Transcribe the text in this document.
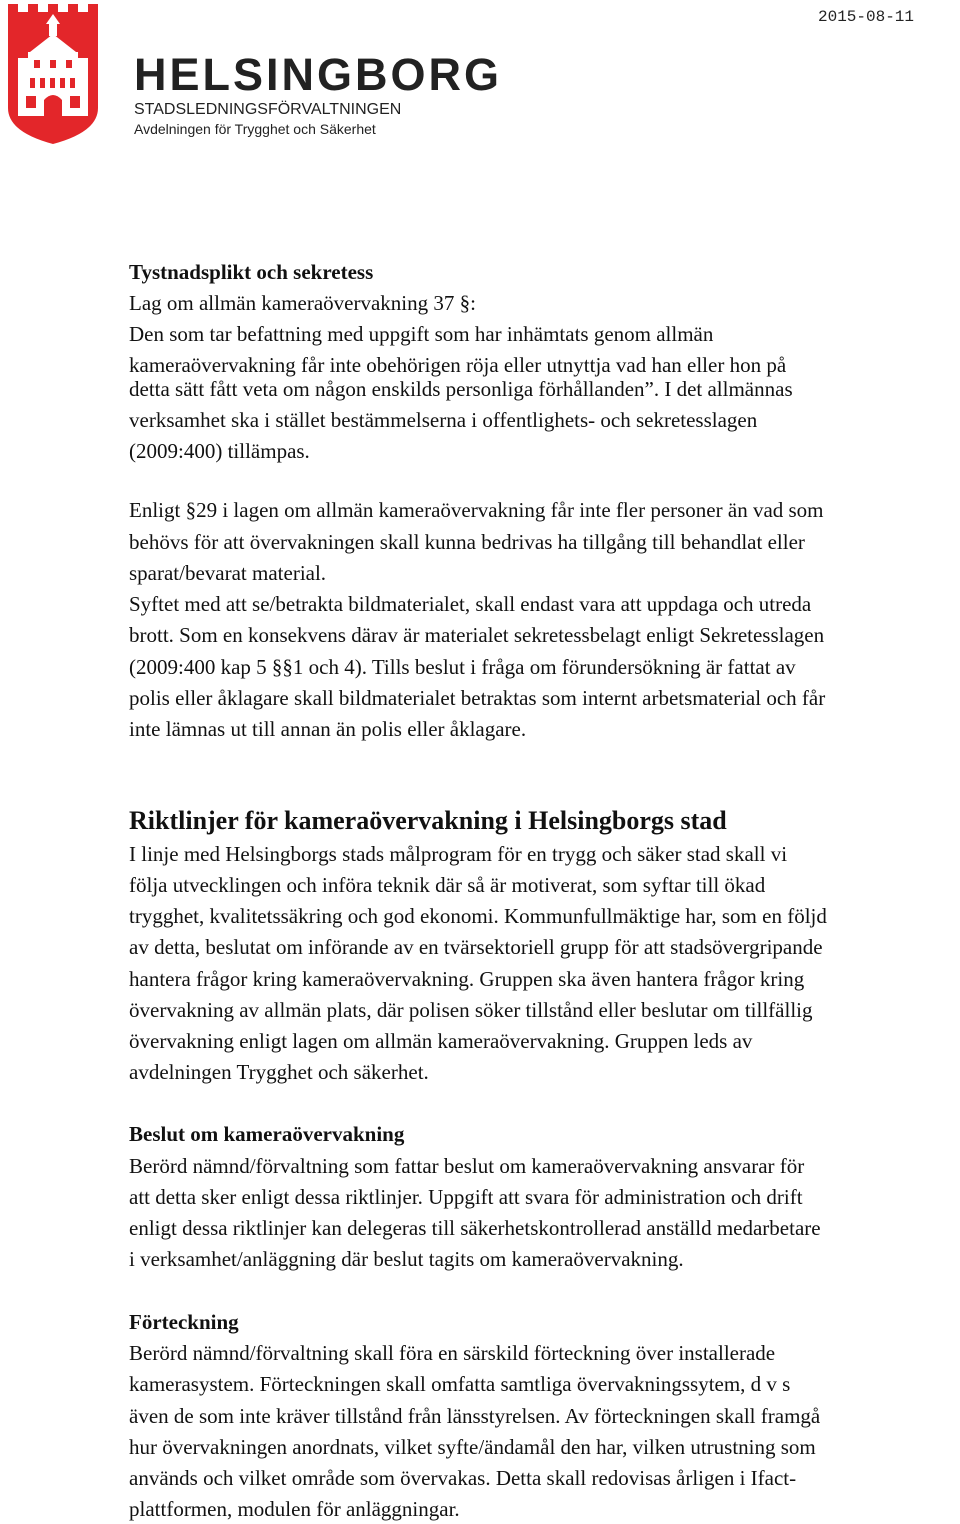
HELSINGBORG
STADSLEDNINGSFÖRVALTNINGEN
Avdelningen för Trygghet och Säkerhet
2015-08-11
Tystnadsplikt och sekretess
Lag om allmän kameraövervakning 37 §:
Den som tar befattning med uppgift som har inhämtats genom allmän
kameraövervakning får inte obehörigen röja eller utnyttja vad han eller hon på
detta sätt fått veta om någon enskilds personliga förhållanden”. I det allmännas
verksamhet ska i stället bestämmelserna i offentlighets- och sekretesslagen
(2009:400) tillämpas.
Enligt §29 i lagen om allmän kameraövervakning får inte fler personer än vad som
behövs för att övervakningen skall kunna bedrivas ha tillgång till behandlat eller
sparat/bevarat material.
Syftet med att se/betrakta bildmaterialet, skall endast vara att uppdaga och utreda
brott. Som en konsekvens därav är materialet sekretessbelagt enligt Sekretesslagen
(2009:400 kap 5 §§1 och 4). Tills beslut i fråga om förundersökning är fattat av
polis eller åklagare skall bildmaterialet betraktas som internt arbetsmaterial och får
inte lämnas ut till annan än polis eller åklagare.
Riktlinjer för kameraövervakning i Helsingborgs stad
I linje med Helsingborgs stads målprogram för en trygg och säker stad skall vi
följa utvecklingen och införa teknik där så är motiverat, som syftar till ökad
trygghet, kvalitetssäkring och god ekonomi. Kommunfullmäktige har, som en följd
av detta, beslutat om införande av en tvärsektoriell grupp för att stadsövergripande
hantera frågor kring kameraövervakning. Gruppen ska även hantera frågor kring
övervakning av allmän plats, där polisen söker tillstånd eller beslutar om tillfällig
övervakning enligt lagen om allmän kameraövervakning. Gruppen leds av
avdelningen Trygghet och säkerhet.
Beslut om kameraövervakning
Berörd nämnd/förvaltning som fattar beslut om kameraövervakning ansvarar för
att detta sker enligt dessa riktlinjer. Uppgift att svara för administration och drift
enligt dessa riktlinjer kan delegeras till säkerhetskontrollerad anställd medarbetare
i verksamhet/anläggning där beslut tagits om kameraövervakning.
Förteckning
Berörd nämnd/förvaltning skall föra en särskild förteckning över installerade
kamerasystem. Förteckningen skall omfatta samtliga övervakningssytem, d v s
även de som inte kräver tillstånd från länsstyrelsen. Av förteckningen skall framgå
hur övervakningen anordnats, vilket syfte/ändamål den har, vilken utrustning som
används och vilket område som övervakas. Detta skall redovisas årligen i Ifact-
plattformen, modulen för anläggningar.
